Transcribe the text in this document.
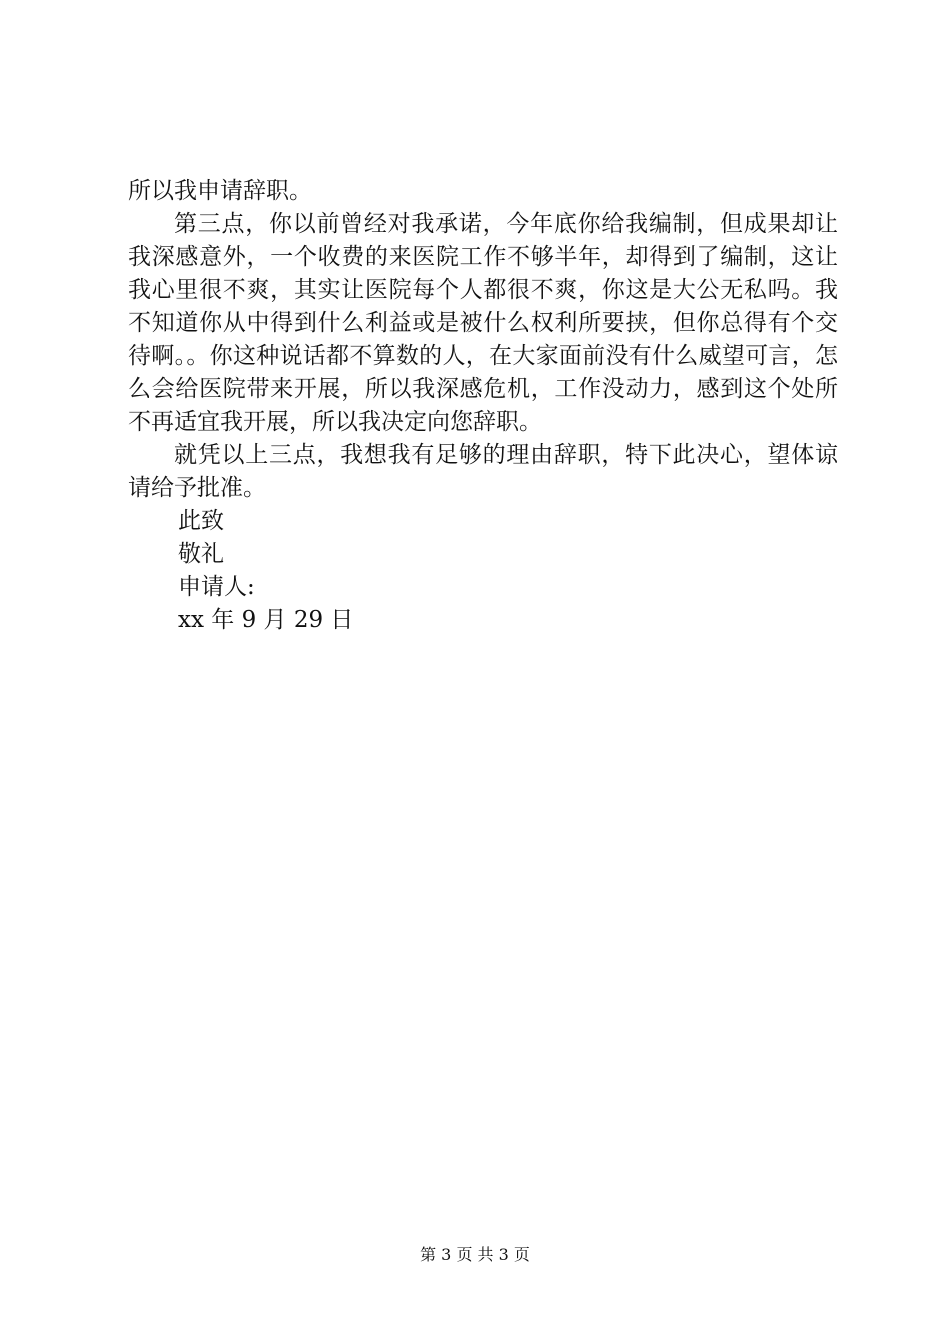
所以我申请辞职。

第三点，你以前曾经对我承诺，今年底你给我编制，但成果却让我深感意外，一个收费的来医院工作不够半年，却得到了编制，这让我心里很不爽，其实让医院每个人都很不爽，你这是大公无私吗。我不知道你从中得到什么利益或是被什么权利所要挟，但你总得有个交待啊。。你这种说话都不算数的人，在大家面前没有什么威望可言，怎么会给医院带来开展，所以我深感危机，工作没动力，感到这个处所不再适宜我开展，所以我决定向您辞职。

就凭以上三点，我想我有足够的理由辞职，特下此决心，望体谅请给予批准。

此致

敬礼

申请人:

xx 年 9 月 29 日

第 3 页 共 3 页
